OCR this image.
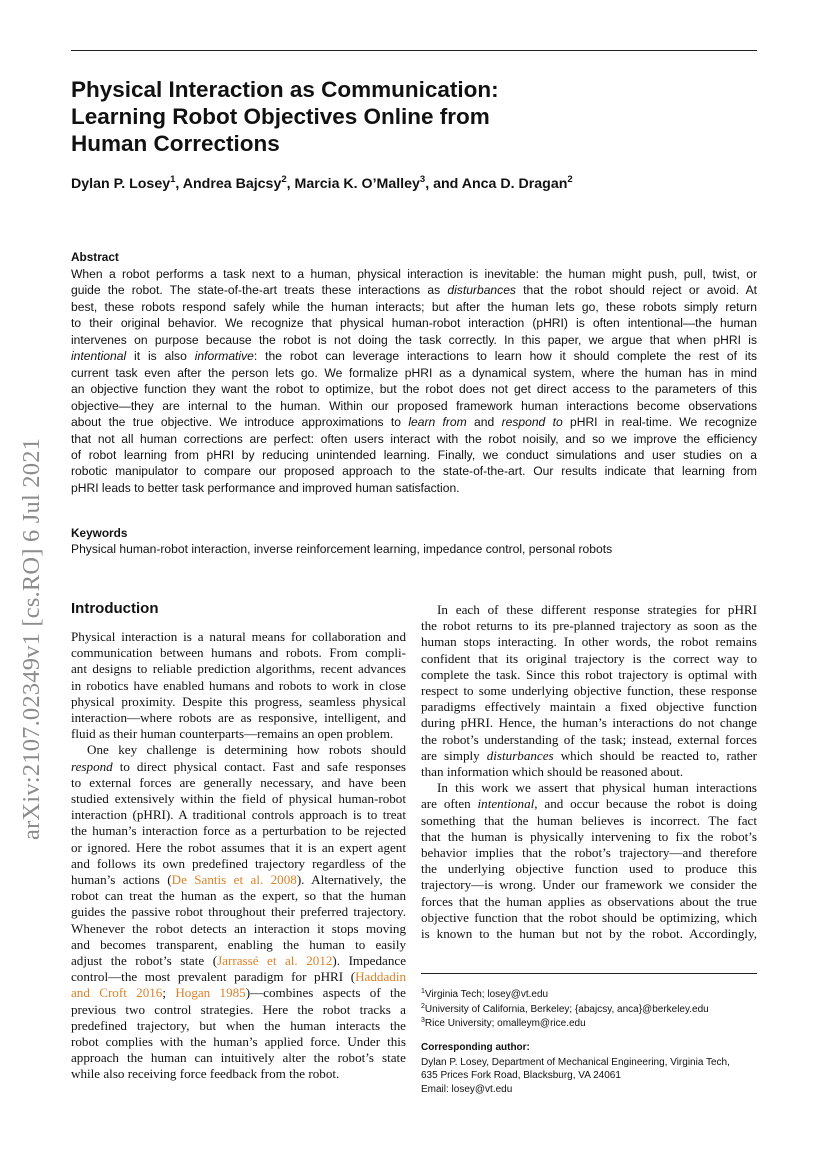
Physical Interaction as Communication:
Learning Robot Objectives Online from
Human Corrections
Dylan P. Losey$^1$, Andrea Bajcsy$^2$, Marcia K. O’Malley$^3$, and Anca D. Dragan$^2$
Abstract
When a robot performs a task next to a human, physical interaction is inevitable: the human might push, pull, twist, or
guide the robot. The state-of-the-art treats these interactions as disturbances that the robot should reject or avoid. At
best, these robots respond safely while the human interacts; but after the human lets go, these robots simply return
to their original behavior. We recognize that physical human-robot interaction (pHRI) is often intentional—the human
intervenes on purpose because the robot is not doing the task correctly. In this paper, we argue that when pHRI is
intentional it is also informative: the robot can leverage interactions to learn how it should complete the rest of its
current task even after the person lets go. We formalize pHRI as a dynamical system, where the human has in mind
an objective function they want the robot to optimize, but the robot does not get direct access to the parameters of this
objective—they are internal to the human. Within our proposed framework human interactions become observations
about the true objective. We introduce approximations to learn from and respond to pHRI in real-time. We recognize
that not all human corrections are perfect: often users interact with the robot noisily, and so we improve the efficiency
of robot learning from pHRI by reducing unintended learning. Finally, we conduct simulations and user studies on a
robotic manipulator to compare our proposed approach to the state-of-the-art. Our results indicate that learning from
pHRI leads to better task performance and improved human satisfaction.
Keywords
Physical human-robot interaction, inverse reinforcement learning, impedance control, personal robots
arXiv:2107.02349v1 [cs.RO] 6 Jul 2021 Introduction
Physical interaction is a natural means for collaboration and
communication between humans and robots. From compli-
ant designs to reliable prediction algorithms, recent advances
in robotics have enabled humans and robots to work in close
physical proximity. Despite this progress, seamless physical
interaction—where robots are as responsive, intelligent, and
fluid as their human counterparts—remains an open problem.
One key challenge is determining how robots should
respond to direct physical contact. Fast and safe responses
to external forces are generally necessary, and have been
studied extensively within the field of physical human-robot
interaction (pHRI). A traditional controls approach is to treat
the human’s interaction force as a perturbation to be rejected
or ignored. Here the robot assumes that it is an expert agent
and follows its own predefined trajectory regardless of the
human’s actions (De Santis et al. 2008). Alternatively, the
robot can treat the human as the expert, so that the human
guides the passive robot throughout their preferred trajectory.
Whenever the robot detects an interaction it stops moving
and becomes transparent, enabling the human to easily
adjust the robot’s state (Jarrassé et al. 2012). Impedance
control—the most prevalent paradigm for pHRI (Haddadin
and Croft 2016; Hogan 1985)—combines aspects of the
previous two control strategies. Here the robot tracks a
predefined trajectory, but when the human interacts the
robot complies with the human’s applied force. Under this
approach the human can intuitively alter the robot’s state
while also receiving force feedback from the robot.
In each of these different response strategies for pHRI
the robot returns to its pre-planned trajectory as soon as the
human stops interacting. In other words, the robot remains
confident that its original trajectory is the correct way to
complete the task. Since this robot trajectory is optimal with
respect to some underlying objective function, these response
paradigms effectively maintain a fixed objective function
during pHRI. Hence, the human’s interactions do not change
the robot’s understanding of the task; instead, external forces
are simply disturbances which should be reacted to, rather
than information which should be reasoned about.
In this work we assert that physical human interactions
are often intentional, and occur because the robot is doing
something that the human believes is incorrect. The fact
that the human is physically intervening to fix the robot’s
behavior implies that the robot’s trajectory—and therefore
the underlying objective function used to produce this
trajectory—is wrong. Under our framework we consider the
forces that the human applies as observations about the true
objective function that the robot should be optimizing, which
is known to the human but not by the robot. Accordingly,
$^1$Virginia Tech; losey@vt.edu
$^2$University of California, Berkeley; {abajcsy, anca}@berkeley.edu
$^3$Rice University; omalleym@rice.edu
Corresponding author:
Dylan P. Losey, Department of Mechanical Engineering, Virginia Tech,
635 Prices Fork Road, Blacksburg, VA 24061
Email: losey@vt.edu
